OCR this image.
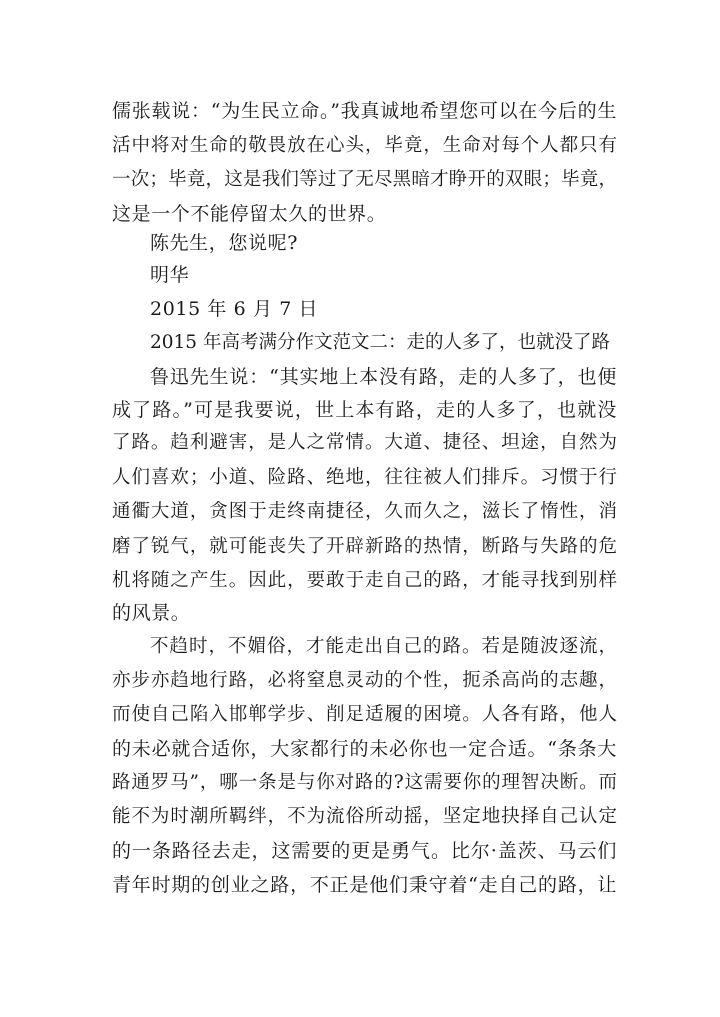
儒张载说：“为生民立命。”我真诚地希望您可以在今后的生
活中将对生命的敬畏放在心头，毕竟，生命对每个人都只有
一次；毕竟，这是我们等过了无尽黑暗才睁开的双眼；毕竟，
这是一个不能停留太久的世界。
陈先生，您说呢?
明华
2015 年 6 月 7 日
2015 年高考满分作文范文二：走的人多了，也就没了路
鲁迅先生说：“其实地上本没有路，走的人多了，也便
成了路。”可是我要说，世上本有路，走的人多了，也就没
了路。趋利避害，是人之常情。大道、捷径、坦途，自然为
人们喜欢；小道、险路、绝地，往往被人们排斥。习惯于行
通衢大道，贪图于走终南捷径，久而久之，滋长了惰性，消
磨了锐气，就可能丧失了开辟新路的热情，断路与失路的危
机将随之产生。因此，要敢于走自己的路，才能寻找到别样
的风景。
不趋时，不媚俗，才能走出自己的路。若是随波逐流，
亦步亦趋地行路，必将窒息灵动的个性，扼杀高尚的志趣，
而使自己陷入邯郸学步、削足适履的困境。人各有路，他人
的未必就合适你，大家都行的未必你也一定合适。“条条大
路通罗马”，哪一条是与你对路的?这需要你的理智决断。而
能不为时潮所羁绊，不为流俗所动摇，坚定地抉择自己认定
的一条路径去走，这需要的更是勇气。比尔·盖茨、马云们
青年时期的创业之路，不正是他们秉守着“走自己的路，让
